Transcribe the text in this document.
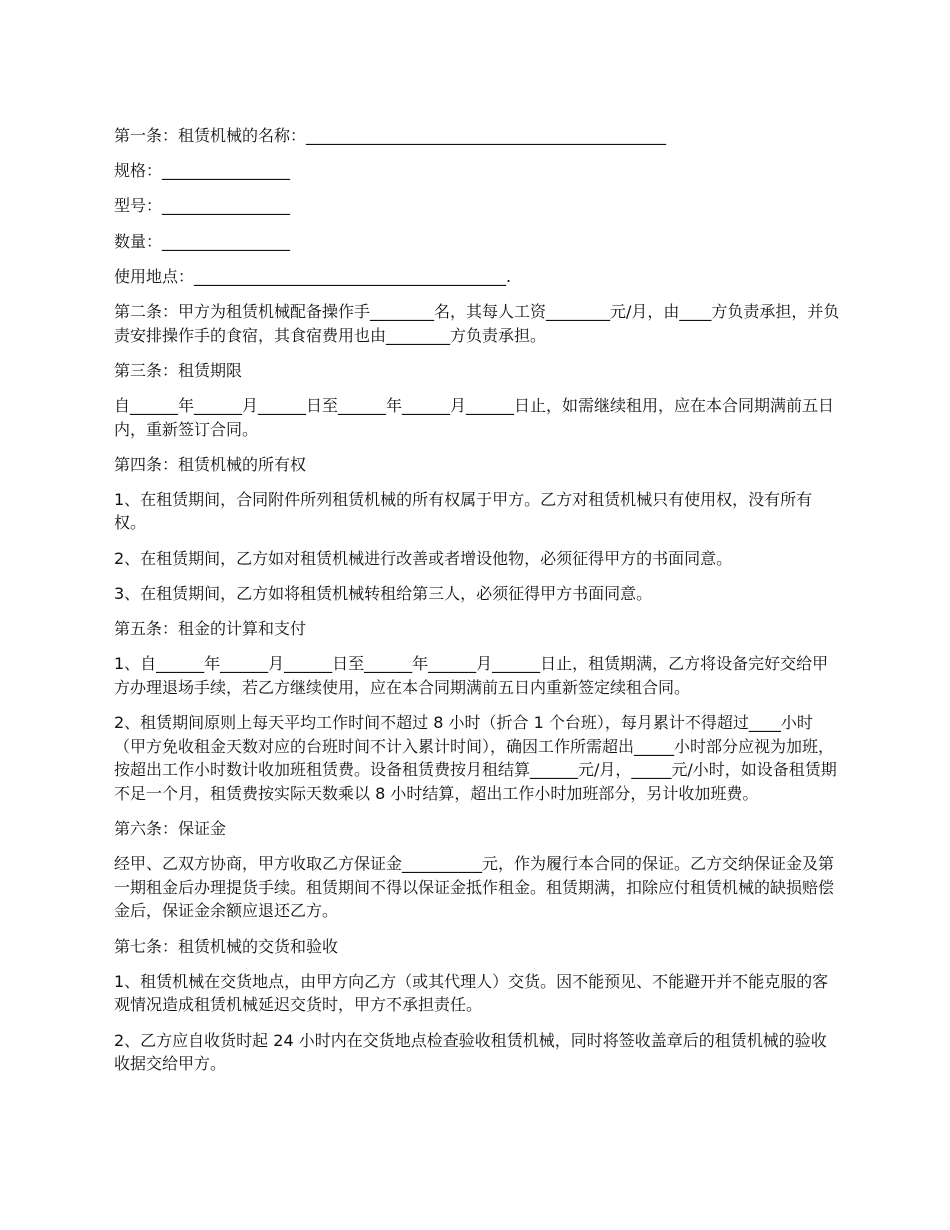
第一条：租赁机械的名称：_____________________________________________

规格：________________

型号：________________

数量：________________

使用地点：_______________________________________.

第二条：甲方为租赁机械配备操作手________名，其每人工资________元/月，由____方负责承担，并负责安排操作手的食宿，其食宿费用也由________方负责承担。

第三条：租赁期限

自______年______月______日至______年______月______日止，如需继续租用，应在本合同期满前五日内，重新签订合同。

第四条：租赁机械的所有权

1、在租赁期间，合同附件所列租赁机械的所有权属于甲方。乙方对租赁机械只有使用权，没有所有权。

2、在租赁期间，乙方如对租赁机械进行改善或者增设他物，必须征得甲方的书面同意。

3、在租赁期间，乙方如将租赁机械转租给第三人，必须征得甲方书面同意。

第五条：租金的计算和支付

1、自______年______月______日至______年______月______日止，租赁期满，乙方将设备完好交给甲方办理退场手续，若乙方继续使用，应在本合同期满前五日内重新签定续租合同。

2、租赁期间原则上每天平均工作时间不超过 8 小时（折合 1 个台班），每月累计不得超过____小时（甲方免收租金天数对应的台班时间不计入累计时间），确因工作所需超出_____小时部分应视为加班，按超出工作小时数计收加班租赁费。设备租赁费按月租结算______元/月，_____元/小时，如设备租赁期不足一个月，租赁费按实际天数乘以 8 小时结算，超出工作小时加班部分，另计收加班费。

第六条：保证金

经甲、乙双方协商，甲方收取乙方保证金__________元，作为履行本合同的保证。乙方交纳保证金及第一期租金后办理提货手续。租赁期间不得以保证金抵作租金。租赁期满，扣除应付租赁机械的缺损赔偿金后，保证金余额应退还乙方。

第七条：租赁机械的交货和验收

1、租赁机械在交货地点，由甲方向乙方（或其代理人）交货。因不能预见、不能避开并不能克服的客观情况造成租赁机械延迟交货时，甲方不承担责任。

2、乙方应自收货时起 24 小时内在交货地点检查验收租赁机械，同时将签收盖章后的租赁机械的验收收据交给甲方。
